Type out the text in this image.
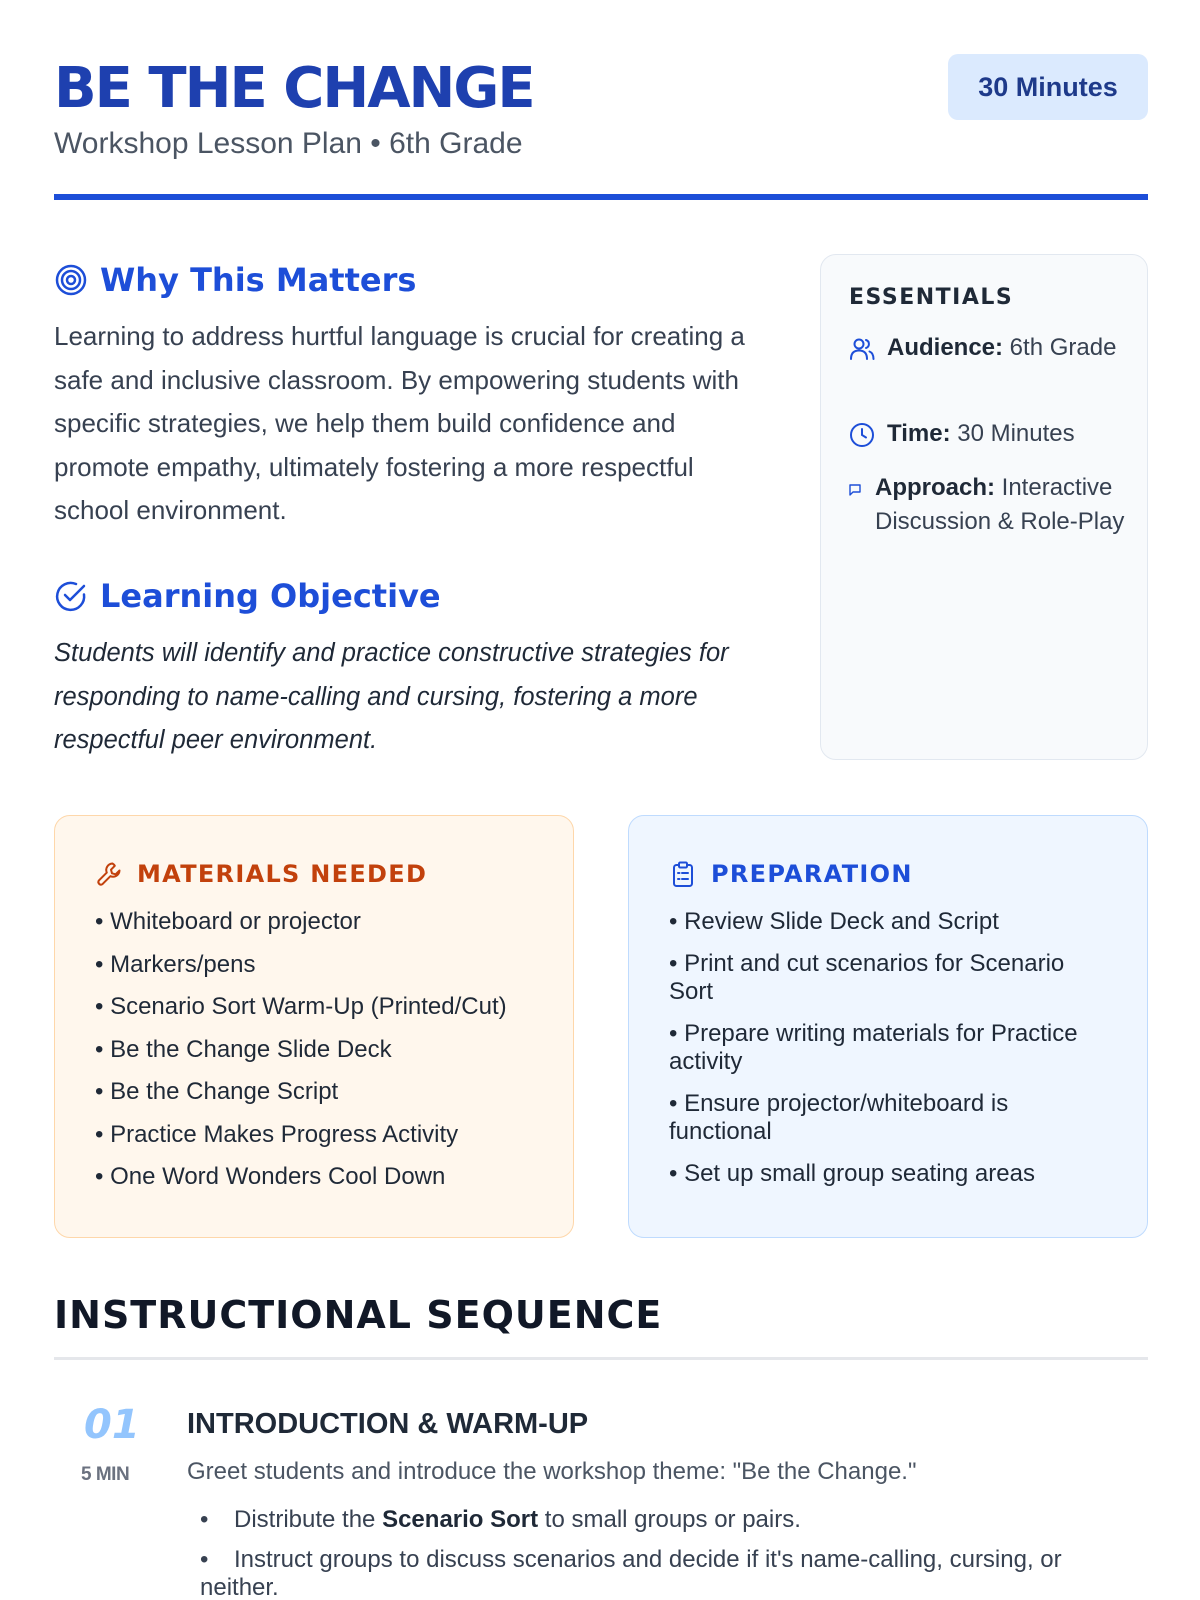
BE THE CHANGE
Workshop Lesson Plan • 6th Grade
30 Minutes
Why This Matters

Learning to address hurtful language is crucial for creating a safe and inclusive classroom. By empowering students with specific strategies, we help them build confidence and promote empathy, ultimately fostering a more respectful school environment.

Learning Objective

Students will identify and practice constructive strategies for responding to name-calling and cursing, fostering a more respectful peer environment.

ESSENTIALS
Audience: 6th Grade
Time: 30 Minutes
Approach: Interactive Discussion & Role-Play
MATERIALS NEEDED
• Whiteboard or projector
• Markers/pens
• Scenario Sort Warm-Up (Printed/Cut)
• Be the Change Slide Deck
• Be the Change Script
• Practice Makes Progress Activity
• One Word Wonders Cool Down
PREPARATION
• Review Slide Deck and Script
• Print and cut scenarios for Scenario Sort
• Prepare writing materials for Practice activity
• Ensure projector/whiteboard is functional
• Set up small group seating areas
INSTRUCTIONAL SEQUENCE
01
5 MIN
INTRODUCTION & WARM-UP
Greet students and introduce the workshop theme: "Be the Change."
• Distribute the Scenario Sort to small groups or pairs.
• Instruct groups to discuss scenarios and decide if it's name-calling, cursing, or neither.
